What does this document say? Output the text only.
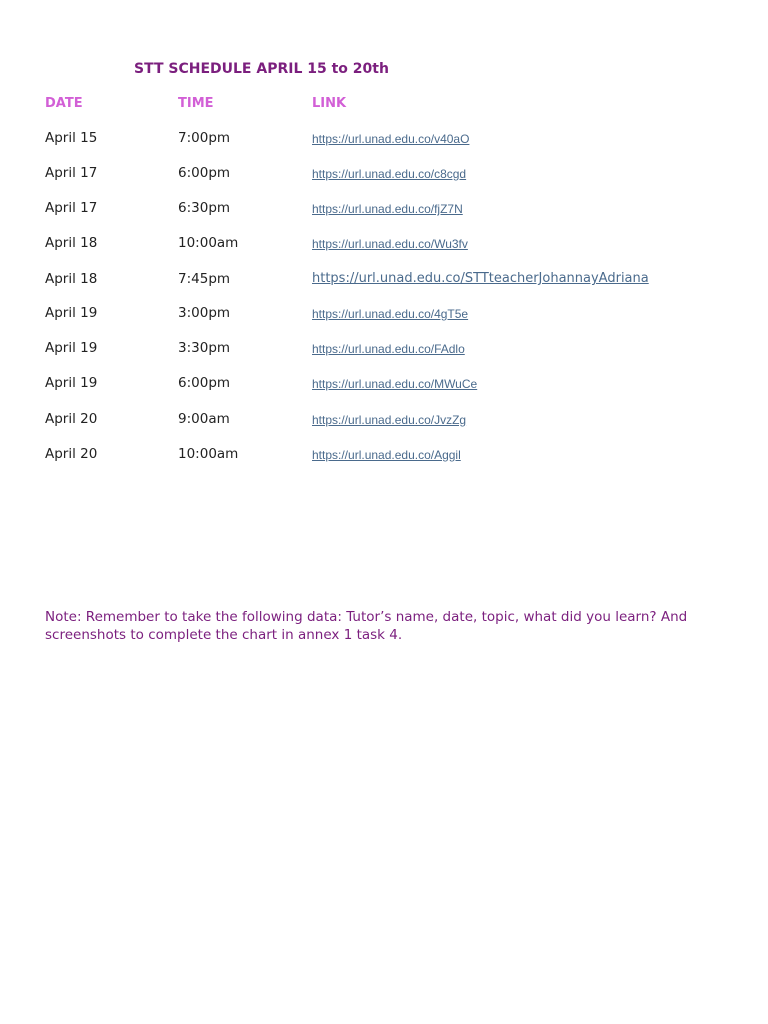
STT SCHEDULE APRIL 15 to 20th
DATE	TIME	LINK
April 15	7:00pm	https://url.unad.edu.co/v40aO
April 17	6:00pm	https://url.unad.edu.co/c8cgd
April 17	6:30pm	https://url.unad.edu.co/fjZ7N
April 18	10:00am	https://url.unad.edu.co/Wu3fv
April 18	7:45pm	https://url.unad.edu.co/STTteacherJohannayAdriana
April 19	3:00pm	https://url.unad.edu.co/4gT5e
April 19	3:30pm	https://url.unad.edu.co/FAdlo
April 19	6:00pm	https://url.unad.edu.co/MWuCe
April 20	9:00am	https://url.unad.edu.co/JvzZg
April 20	10:00am	https://url.unad.edu.co/Aggil
Note: Remember to take the following data: Tutor’s name, date, topic, what did you learn? And screenshots to complete the chart in annex 1 task 4.
